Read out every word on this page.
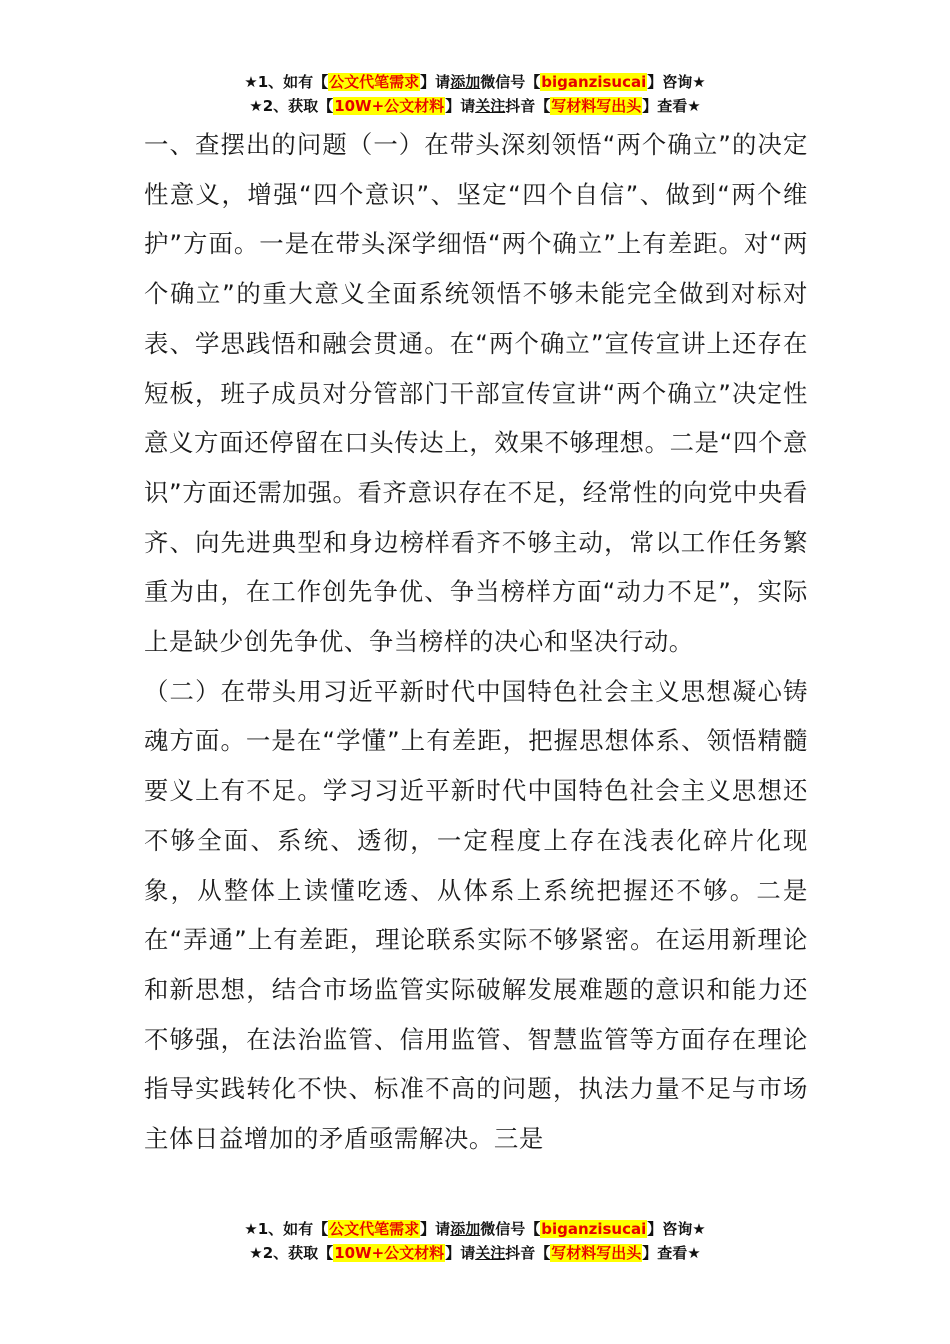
★1、如有【公文代笔需求】请添加微信号【biganzisucai】咨询★
★2、获取【10W+公文材料】请关注抖音【写材料写出头】查看★

一、查摆出的问题（一）在带头深刻领悟“两个确立”的决定性意义，增强“四个意识”、坚定“四个自信”、做到“两个维护”方面。一是在带头深学细悟“两个确立”上有差距。对“两个确立”的重大意义全面系统领悟不够未能完全做到对标对表、学思践悟和融会贯通。在“两个确立”宣传宣讲上还存在短板，班子成员对分管部门干部宣传宣讲“两个确立”决定性意义方面还停留在口头传达上，效果不够理想。二是“四个意识”方面还需加强。看齐意识存在不足，经常性的向党中央看齐、向先进典型和身边榜样看齐不够主动，常以工作任务繁重为由，在工作创先争优、争当榜样方面“动力不足”，实际上是缺少创先争优、争当榜样的决心和坚决行动。

（二）在带头用习近平新时代中国特色社会主义思想凝心铸魂方面。一是在“学懂”上有差距，把握思想体系、领悟精髓要义上有不足。学习习近平新时代中国特色社会主义思想还不够全面、系统、透彻，一定程度上存在浅表化碎片化现象，从整体上读懂吃透、从体系上系统把握还不够。二是在“弄通”上有差距，理论联系实际不够紧密。在运用新理论和新思想，结合市场监管实际破解发展难题的意识和能力还不够强，在法治监管、信用监管、智慧监管等方面存在理论指导实践转化不快、标准不高的问题，执法力量不足与市场主体日益增加的矛盾亟需解决。三是

★1、如有【公文代笔需求】请添加微信号【biganzisucai】咨询★
★2、获取【10W+公文材料】请关注抖音【写材料写出头】查看★
